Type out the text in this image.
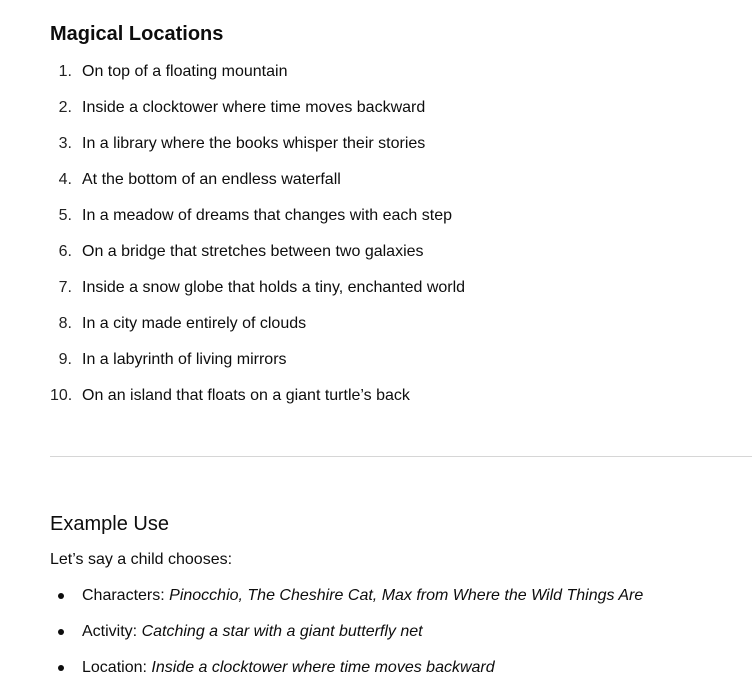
Magical Locations
1. On top of a floating mountain
2. Inside a clocktower where time moves backward
3. In a library where the books whisper their stories
4. At the bottom of an endless waterfall
5. In a meadow of dreams that changes with each step
6. On a bridge that stretches between two galaxies
7. Inside a snow globe that holds a tiny, enchanted world
8. In a city made entirely of clouds
9. In a labyrinth of living mirrors
10. On an island that floats on a giant turtle’s back
Example Use
Let’s say a child chooses:
Characters: Pinocchio, The Cheshire Cat, Max from Where the Wild Things Are
Activity: Catching a star with a giant butterfly net
Location: Inside a clocktower where time moves backward
